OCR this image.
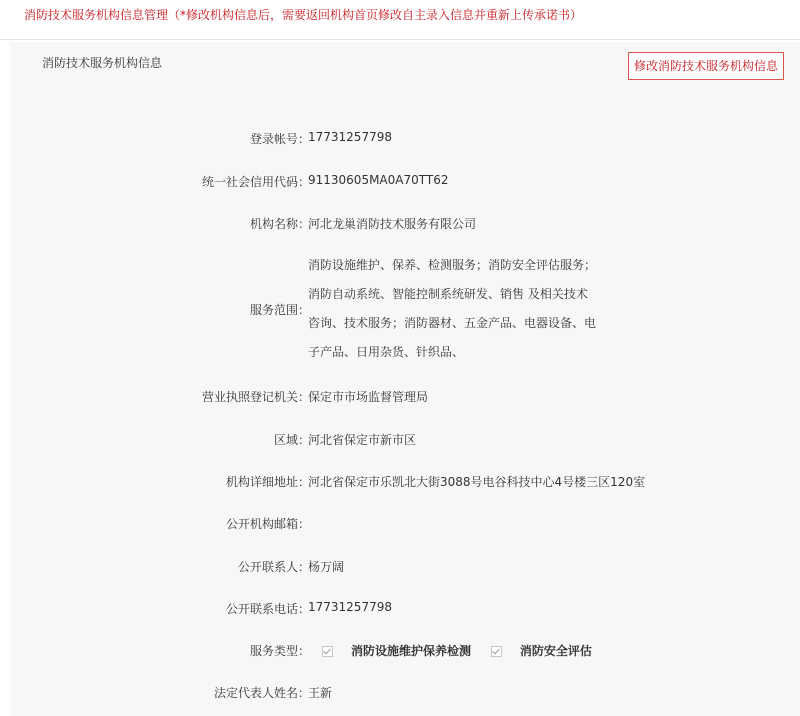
消防技术服务机构信息管理（*修改机构信息后，需要返回机构首页修改自主录入信息并重新上传承诺书）
消防技术服务机构信息	修改消防技术服务机构信息
登录帐号：
17731257798
统一社会信用代码：
91130605MA0A70TT62
机构名称：
河北龙巢消防技术服务有限公司
服务范围：
消防设施维护、保养、检测服务；消防安全评估服务；
消防自动系统、智能控制系统研发、销售 及相关技术
咨询、技术服务；消防器材、五金产品、电器设备、电
子产品、日用杂货、针织品、
营业执照登记机关：
保定市市场监督管理局
区域：
河北省保定市新市区
机构详细地址：
河北省保定市乐凯北大街3088号电谷科技中心4号楼三区120室
公开机构邮箱：
公开联系人：
杨万阔
公开联系电话：
17731257798
服务类型：	消防设施维护保养检测	消防安全评估
法定代表人姓名：
王新
